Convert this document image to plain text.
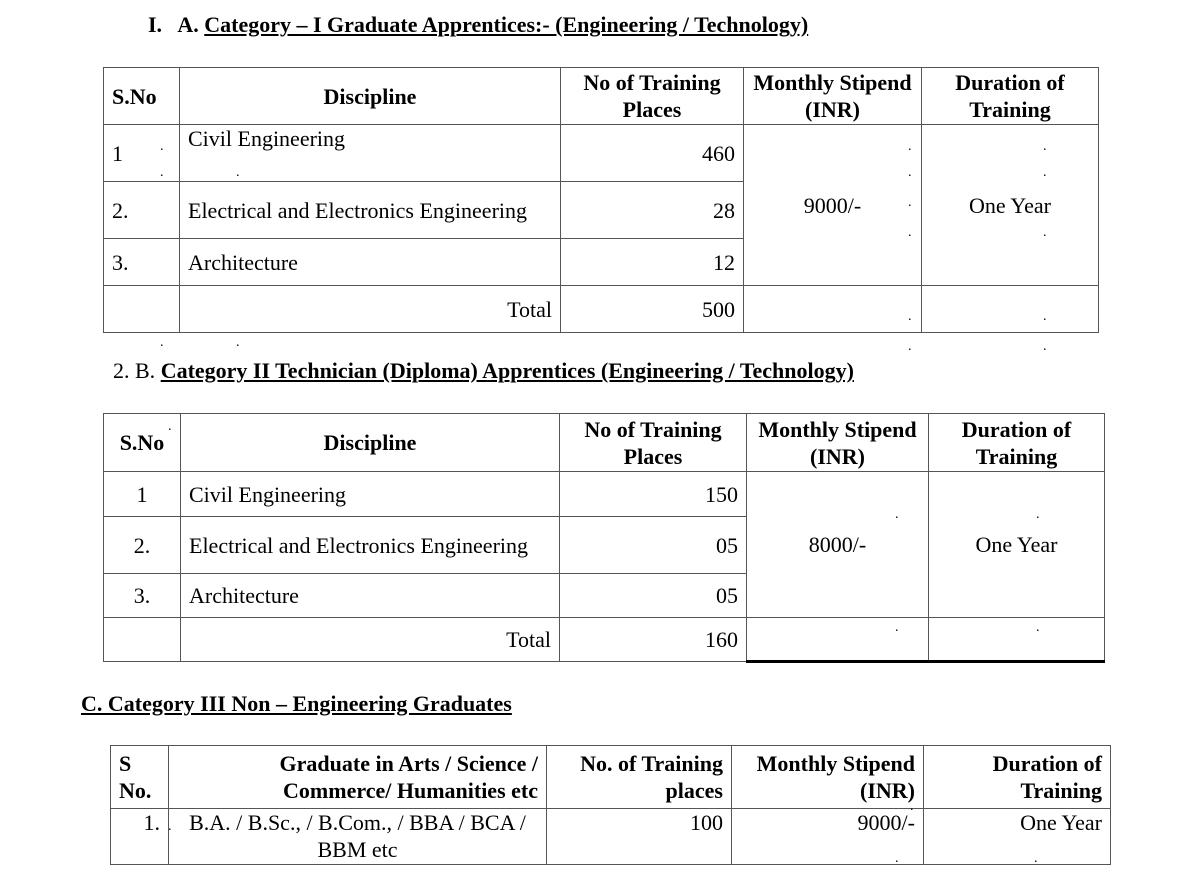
I. A. Category – I Graduate Apprentices:- (Engineering / Technology)
S.No	Discipline	No of Training Places	Monthly Stipend (INR)	Duration of Training
1	Civil Engineering	460	9000/-	One Year
2.	Electrical and Electronics Engineering	28		
3.	Architecture	12		
	Total	500		
2. B. Category II Technician (Diploma) Apprentices (Engineering / Technology)
S.No	Discipline	No of Training Places	Monthly Stipend (INR)	Duration of Training
1	Civil Engineering	150	8000/-	One Year
2.	Electrical and Electronics Engineering	05		
3.	Architecture	05		
	Total	160		
C. Category III Non – Engineering Graduates
S No.	Graduate in Arts / Science / Commerce/ Humanities etc	No. of Training places	Monthly Stipend (INR)	Duration of Training
1.	B.A. / B.Sc., / B.Com., / BBA / BCA / BBM etc	100	9000/-	One Year
.
.	.
.
.
.
.
.
.
.
.	.
.	.	.	.
.
.	.
.	.
.
.
.	.
